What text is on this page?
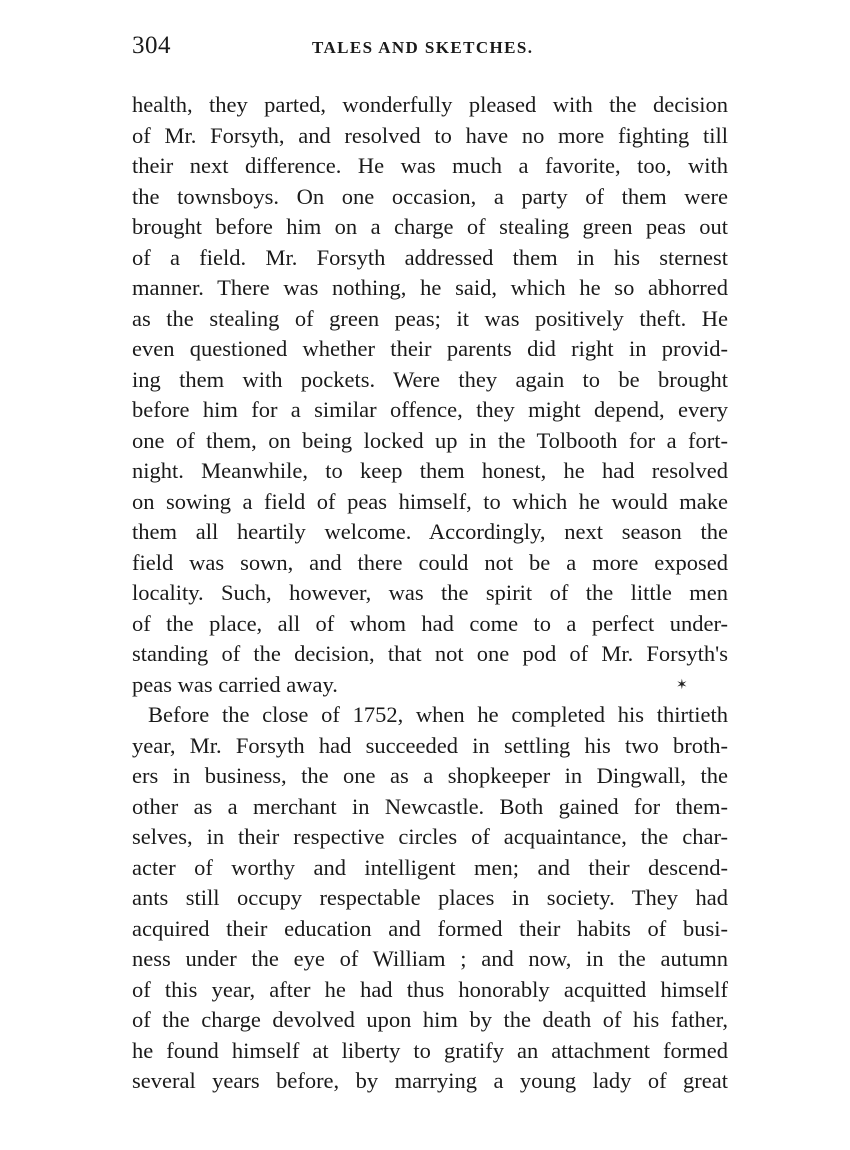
304	TALES AND SKETCHES.
health, they parted, wonderfully pleased with the decision
of Mr. Forsyth, and resolved to have no more fighting till
their next difference. He was much a favorite, too, with
the townsboys. On one occasion, a party of them were
brought before him on a charge of stealing green peas out
of a field. Mr. Forsyth addressed them in his sternest
manner. There was nothing, he said, which he so abhorred
as the stealing of green peas; it was positively theft. He
even questioned whether their parents did right in provid-
ing them with pockets. Were they again to be brought
before him for a similar offence, they might depend, every
one of them, on being locked up in the Tolbooth for a fort-
night. Meanwhile, to keep them honest, he had resolved
on sowing a field of peas himself, to which he would make
them all heartily welcome. Accordingly, next season the
field was sown, and there could not be a more exposed
locality. Such, however, was the spirit of the little men
of the place, all of whom had come to a perfect under-
standing of the decision, that not one pod of Mr. Forsyth's
peas was carried away.
Before the close of 1752, when he completed his thirtieth
year, Mr. Forsyth had succeeded in settling his two broth-
ers in business, the one as a shopkeeper in Dingwall, the
other as a merchant in Newcastle. Both gained for them-
selves, in their respective circles of acquaintance, the char-
acter of worthy and intelligent men; and their descend-
ants still occupy respectable places in society. They had
acquired their education and formed their habits of busi-
ness under the eye of William ; and now, in the autumn
of this year, after he had thus honorably acquitted himself
of the charge devolved upon him by the death of his father,
he found himself at liberty to gratify an attachment formed
several years before, by marrying a young lady of great
✶
